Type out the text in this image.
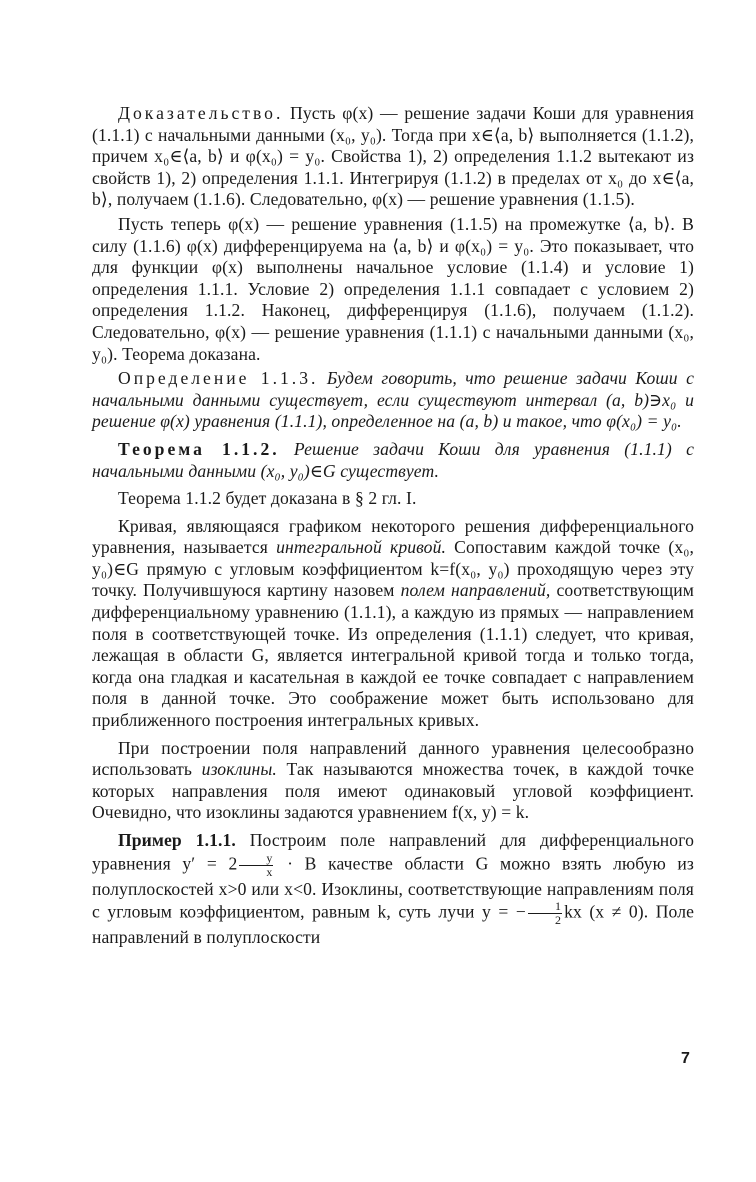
Доказательство. Пусть φ(x) — решение задачи Коши для уравнения (1.1.1) с начальными данными (x₀, y₀). Тогда при x∈⟨a, b⟩ выполняется (1.1.2), причем x₀∈⟨a, b⟩ и φ(x₀) = y₀. Свойства 1), 2) определения 1.1.2 вытекают из свойств 1), 2) определения 1.1.1. Интегрируя (1.1.2) в пределах от x₀ до x∈⟨a, b⟩, получаем (1.1.6). Следовательно, φ(x) — решение уравнения (1.1.5).

Пусть теперь φ(x) — решение уравнения (1.1.5) на промежутке ⟨a, b⟩. В силу (1.1.6) φ(x) дифференцируема на ⟨a, b⟩ и φ(x₀) = y₀. Это показывает, что для функции φ(x) выполнены начальное условие (1.1.4) и условие 1) определения 1.1.1. Условие 2) определения 1.1.1 совпадает с условием 2) определения 1.1.2. Наконец, дифференцируя (1.1.6), получаем (1.1.2). Следовательно, φ(x) — решение уравнения (1.1.1) с начальными данными (x₀, y₀). Теорема доказана.

Определение 1.1.3. Будем говорить, что решение задачи Коши с начальными данными существует, если существуют интервал (a, b)∋x₀ и решение φ(x) уравнения (1.1.1), определенное на (a, b) и такое, что φ(x₀) = y₀.

Теорема 1.1.2. Решение задачи Коши для уравнения (1.1.1) с начальными данными (x₀, y₀)∈G существует.

Теорема 1.1.2 будет доказана в § 2 гл. I.

Кривая, являющаяся графиком некоторого решения дифференциального уравнения, называется интегральной кривой. Сопоставим каждой точке (x₀, y₀)∈G прямую с угловым коэффициентом k=f(x₀, y₀) проходящую через эту точку. Получившуюся картину назовем полем направлений, соответствующим дифференциальному уравнению (1.1.1), а каждую из прямых — направлением поля в соответствующей точке. Из определения (1.1.1) следует, что кривая, лежащая в области G, является интегральной кривой тогда и только тогда, когда она гладкая и касательная в каждой ее точке совпадает с направлением поля в данной точке. Это соображение может быть использовано для приближенного построения интегральных кривых.

При построении поля направлений данного уравнения целесообразно использовать изоклины. Так называются множества точек, в каждой точке которых направления поля имеют одинаковый угловой коэффициент. Очевидно, что изоклины задаются уравнением f(x, y) = k.

Пример 1.1.1. Построим поле направлений для дифференциального уравнения $y' = 2 \frac{y}{x} \cdot В$ качестве области G можно взять любую из полуплоскостей x>0 или x<0. Изоклины, соответствующие направлениям поля с угловым коэффициентом, равным k, суть лучи y = − $\frac{1}{2}$ kx (x ≠ 0). Поле направлений в полуплоскости

7
